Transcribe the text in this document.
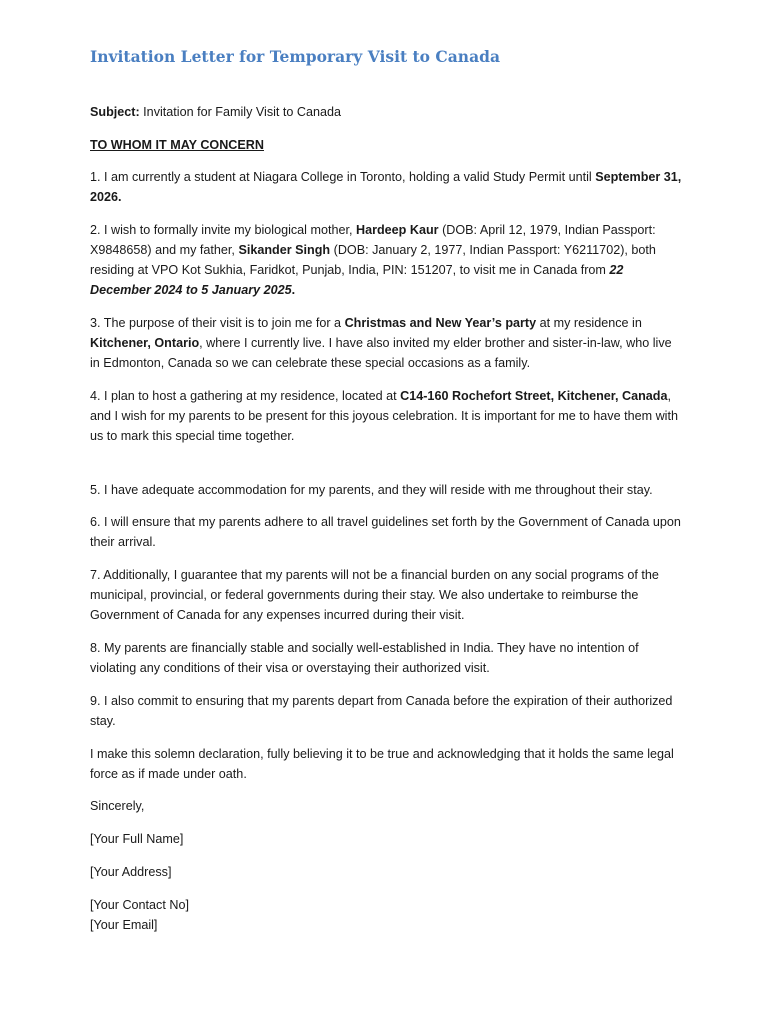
Invitation Letter for Temporary Visit to Canada

Subject: Invitation for Family Visit to Canada

TO WHOM IT MAY CONCERN

1. I am currently a student at Niagara College in Toronto, holding a valid Study Permit until September 31, 2026.

2. I wish to formally invite my biological mother, Hardeep Kaur (DOB: April 12, 1979, Indian Passport: X9848658) and my father, Sikander Singh (DOB: January 2, 1977, Indian Passport: Y6211702), both residing at VPO Kot Sukhia, Faridkot, Punjab, India, PIN: 151207, to visit me in Canada from 22 December 2024 to 5 January 2025.

3. The purpose of their visit is to join me for a Christmas and New Year’s party at my residence in Kitchener, Ontario, where I currently live. I have also invited my elder brother and sister-in-law, who live in Edmonton, Canada so we can celebrate these special occasions as a family.

4. I plan to host a gathering at my residence, located at C14-160 Rochefort Street, Kitchener, Canada, and I wish for my parents to be present for this joyous celebration. It is important for me to have them with us to mark this special time together.

5. I have adequate accommodation for my parents, and they will reside with me throughout their stay.

6. I will ensure that my parents adhere to all travel guidelines set forth by the Government of Canada upon their arrival.

7. Additionally, I guarantee that my parents will not be a financial burden on any social programs of the municipal, provincial, or federal governments during their stay. We also undertake to reimburse the Government of Canada for any expenses incurred during their visit.

8. My parents are financially stable and socially well-established in India. They have no intention of violating any conditions of their visa or overstaying their authorized visit.

9. I also commit to ensuring that my parents depart from Canada before the expiration of their authorized stay.

I make this solemn declaration, fully believing it to be true and acknowledging that it holds the same legal force as if made under oath.

Sincerely,

[Your Full Name]

[Your Address]

[Your Contact No]

[Your Email]
